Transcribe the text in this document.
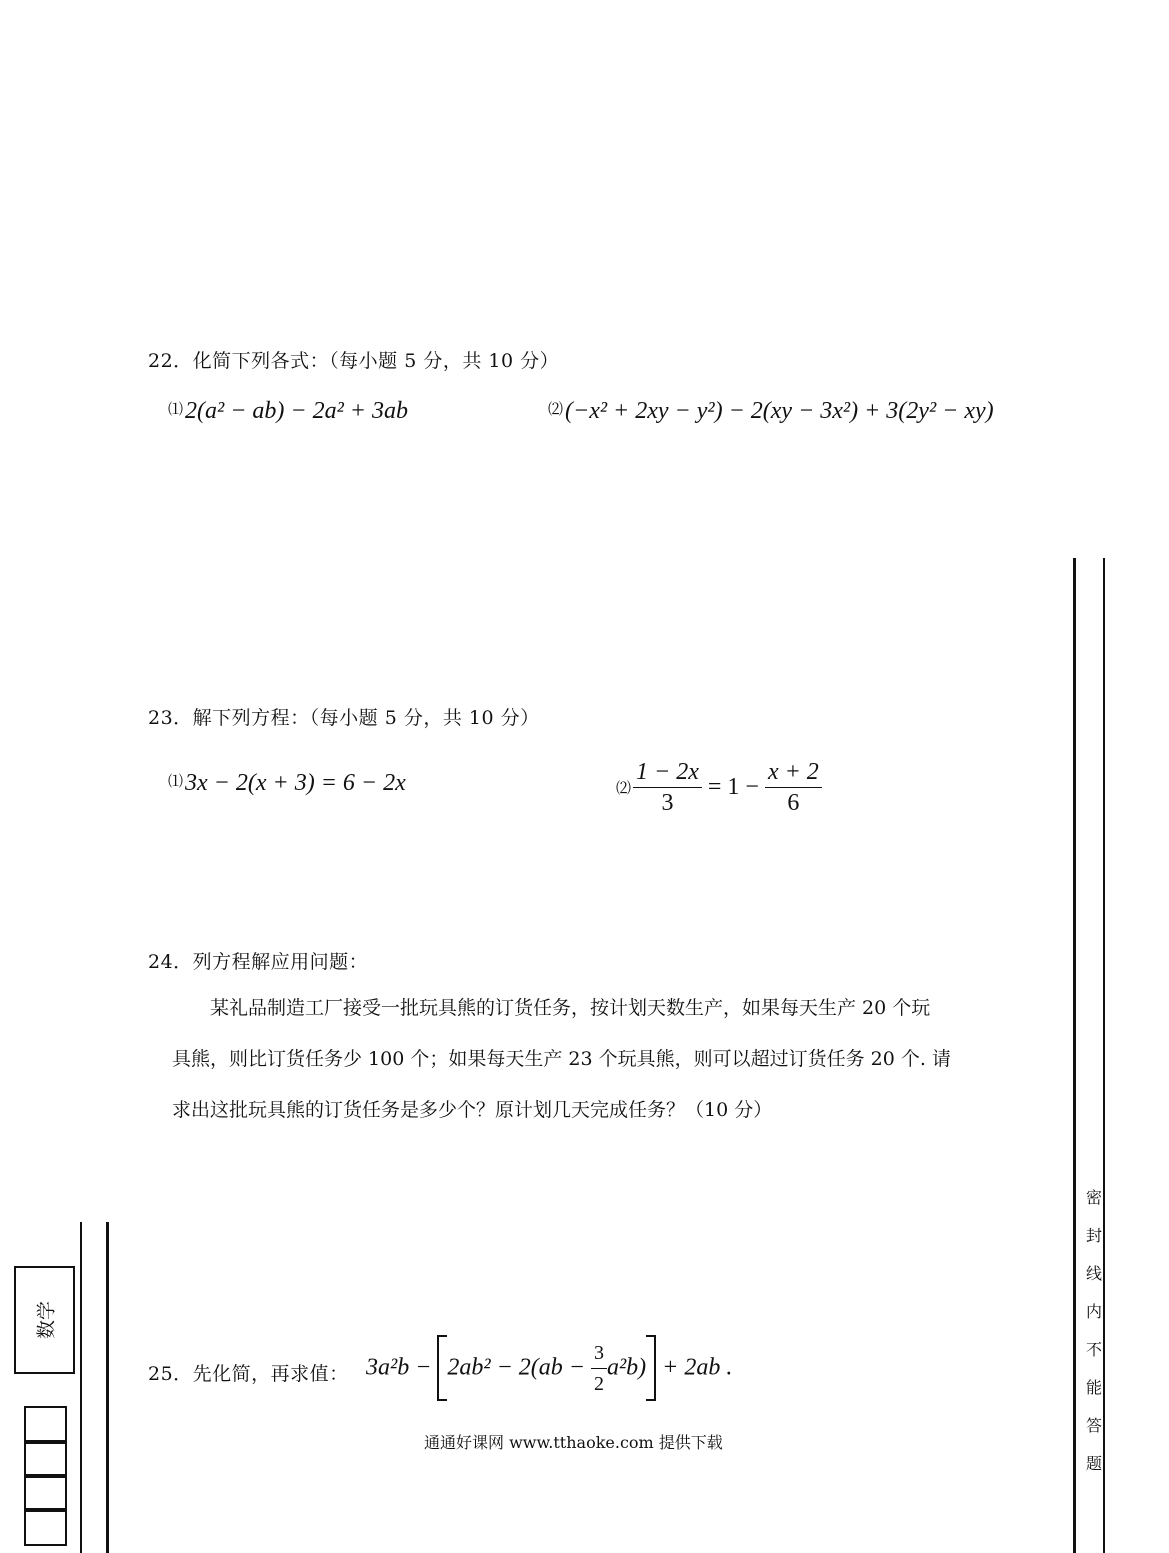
22．化简下列各式：（每小题 5 分，共 10 分）
⑴2(a² − ab) − 2a² + 3ab	⑵(−x² + 2xy − y²) − 2(xy − 3x²) + 3(2y² − xy)
23．解下列方程：（每小题 5 分，共 10 分）
⑴3x − 2(x + 3) = 6 − 2x	⑵ $\frac{1 - 2x}{3} = 1 - \frac{x + 2}{6}$
24．列方程解应用问题：

某礼品制造工厂接受一批玩具熊的订货任务，按计划天数生产，如果每天生产 20 个玩

具熊，则比订货任务少 100 个；如果每天生产 23 个玩具熊，则可以超过订货任务 20 个. 请

求出这批玩具熊的订货任务是多少个？原计划几天完成任务？（10 分）

25．先化简，再求值： $3a^2b - 2ab^2 - 2(ab - \frac{3}{2} a^2b) + 2ab$ .
通通好课网 www.tthaoke.com 提供下载
密
封
线
内
不
能
答
题
数学
